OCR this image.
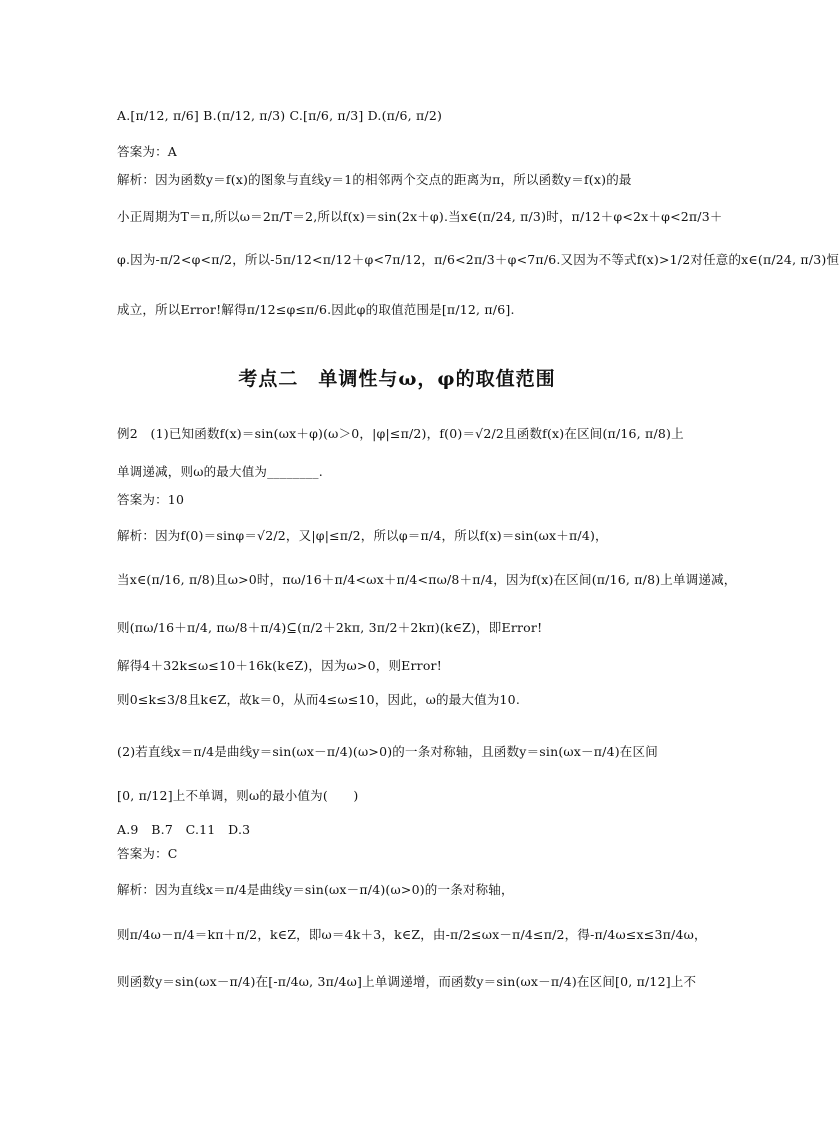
A.[π/12, π/6] B.(π/12, π/3) C.[π/6, π/3] D.(π/6, π/2)
答案为：A
解析：因为函数y＝f(x)的图象与直线y＝1的相邻两个交点的距离为π，所以函数y＝f(x)的最
小正周期为T＝π,所以ω＝2π/T＝2,所以f(x)＝sin(2x＋φ).当x∈(π/24, π/3)时，π/12＋φ<2x＋φ<2π/3＋
φ.因为-π/2<φ<π/2，所以-5π/12<π/12＋φ<7π/12，π/6<2π/3＋φ<7π/6.又因为不等式f(x)>1/2对任意的x∈(π/24, π/3)恒
成立，所以Error!解得π/12≤φ≤π/6.因此φ的取值范围是[π/12, π/6].
考点二　单调性与ω，φ的取值范围
例2　(1)已知函数f(x)＝sin(ωx＋φ)(ω＞0，|φ|≤π/2)，f(0)＝√2/2且函数f(x)在区间(π/16, π/8)上
单调递减，则ω的最大值为________.
答案为：10
解析：因为f(0)＝sinφ＝√2/2，又|φ|≤π/2，所以φ＝π/4，所以f(x)＝sin(ωx＋π/4)，
当x∈(π/16, π/8)且ω>0时，πω/16＋π/4<ωx＋π/4<πω/8＋π/4，因为f(x)在区间(π/16, π/8)上单调递减，
则(πω/16＋π/4, πω/8＋π/4)⊆(π/2＋2kπ, 3π/2＋2kπ)(k∈Z)，即Error!
解得4＋32k≤ω≤10＋16k(k∈Z)，因为ω>0，则Error!
则0≤k≤3/8且k∈Z，故k＝0，从而4≤ω≤10，因此，ω的最大值为10.
(2)若直线x＝π/4是曲线y＝sin(ωx－π/4)(ω>0)的一条对称轴，且函数y＝sin(ωx－π/4)在区间
[0, π/12]上不单调，则ω的最小值为(　　)
A.9　B.7　C.11　D.3
答案为：C
解析：因为直线x＝π/4是曲线y＝sin(ωx－π/4)(ω>0)的一条对称轴，
则π/4ω－π/4＝kπ＋π/2，k∈Z，即ω＝4k＋3，k∈Z，由-π/2≤ωx－π/4≤π/2，得-π/4ω≤x≤3π/4ω，
则函数y＝sin(ωx－π/4)在[-π/4ω, 3π/4ω]上单调递增，而函数y＝sin(ωx－π/4)在区间[0, π/12]上不
